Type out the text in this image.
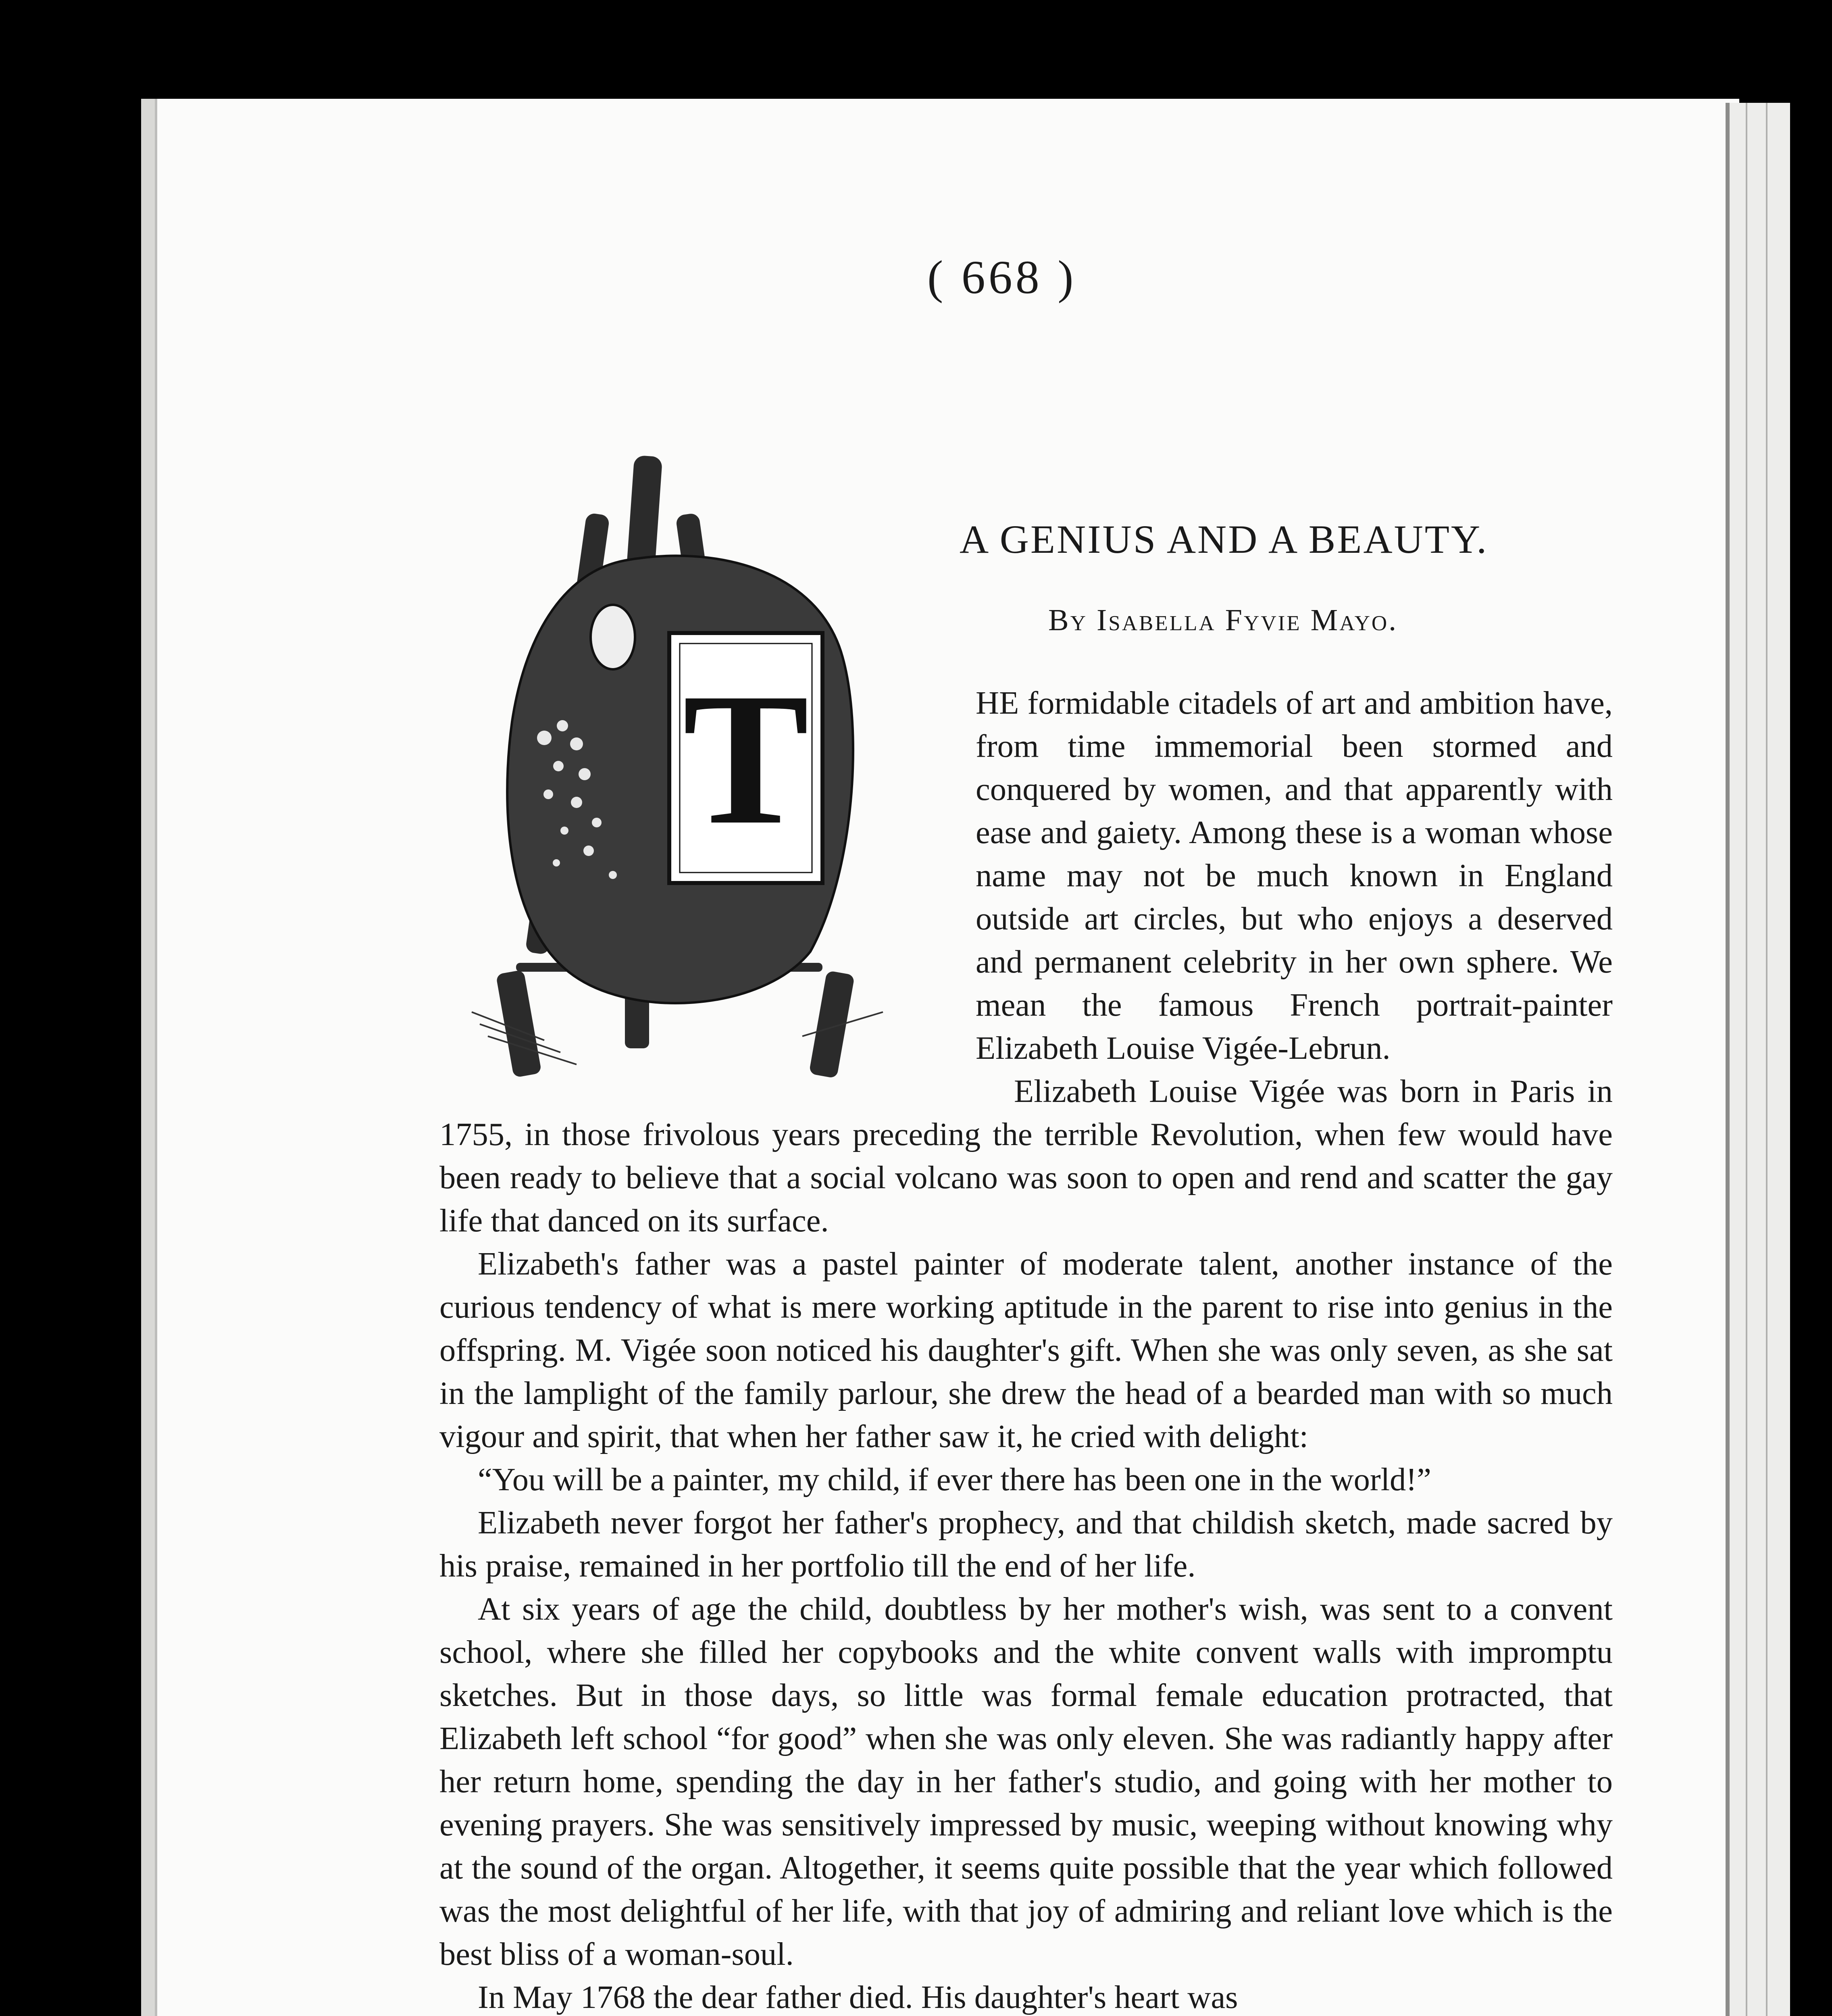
( 668 )
T
A GENIUS AND A BEAUTY.
By Isabella Fyvie Mayo.

HE formidable citadels of art and ambition have, from time immemorial been stormed and conquered by women, and that apparently with ease and gaiety. Among these is a woman whose name may not be much known in England outside art circles, but who enjoys a deserved and permanent celebrity in her own sphere. We mean the famous French portrait-painter Elizabeth Louise Vigée-Lebrun.

Elizabeth Louise Vigée was born in Paris in 1755, in those frivolous years preceding the terrible Revolution, when few would have been ready to believe that a social volcano was soon to open and rend and scatter the gay life that danced on its surface.

Elizabeth's father was a pastel painter of moderate talent, another instance of the curious tendency of what is mere working aptitude in the parent to rise into genius in the offspring. M. Vigée soon noticed his daughter's gift. When she was only seven, as she sat in the lamplight of the family parlour, she drew the head of a bearded man with so much vigour and spirit, that when her father saw it, he cried with delight:

“You will be a painter, my child, if ever there has been one in the world!”

Elizabeth never forgot her father's prophecy, and that childish sketch, made sacred by his praise, remained in her portfolio till the end of her life.

At six years of age the child, doubtless by her mother's wish, was sent to a convent school, where she filled her copybooks and the white convent walls with impromptu sketches. But in those days, so little was formal female education protracted, that Elizabeth left school “for good” when she was only eleven. She was radiantly happy after her return home, spending the day in her father's studio, and going with her mother to evening prayers. She was sensitively impressed by music, weeping without knowing why at the sound of the organ. Altogether, it seems quite possible that the year which followed was the most delightful of her life, with that joy of admiring and reliant love which is the best bliss of a woman-soul.

In May 1768 the dear father died. His daughter's heart was
